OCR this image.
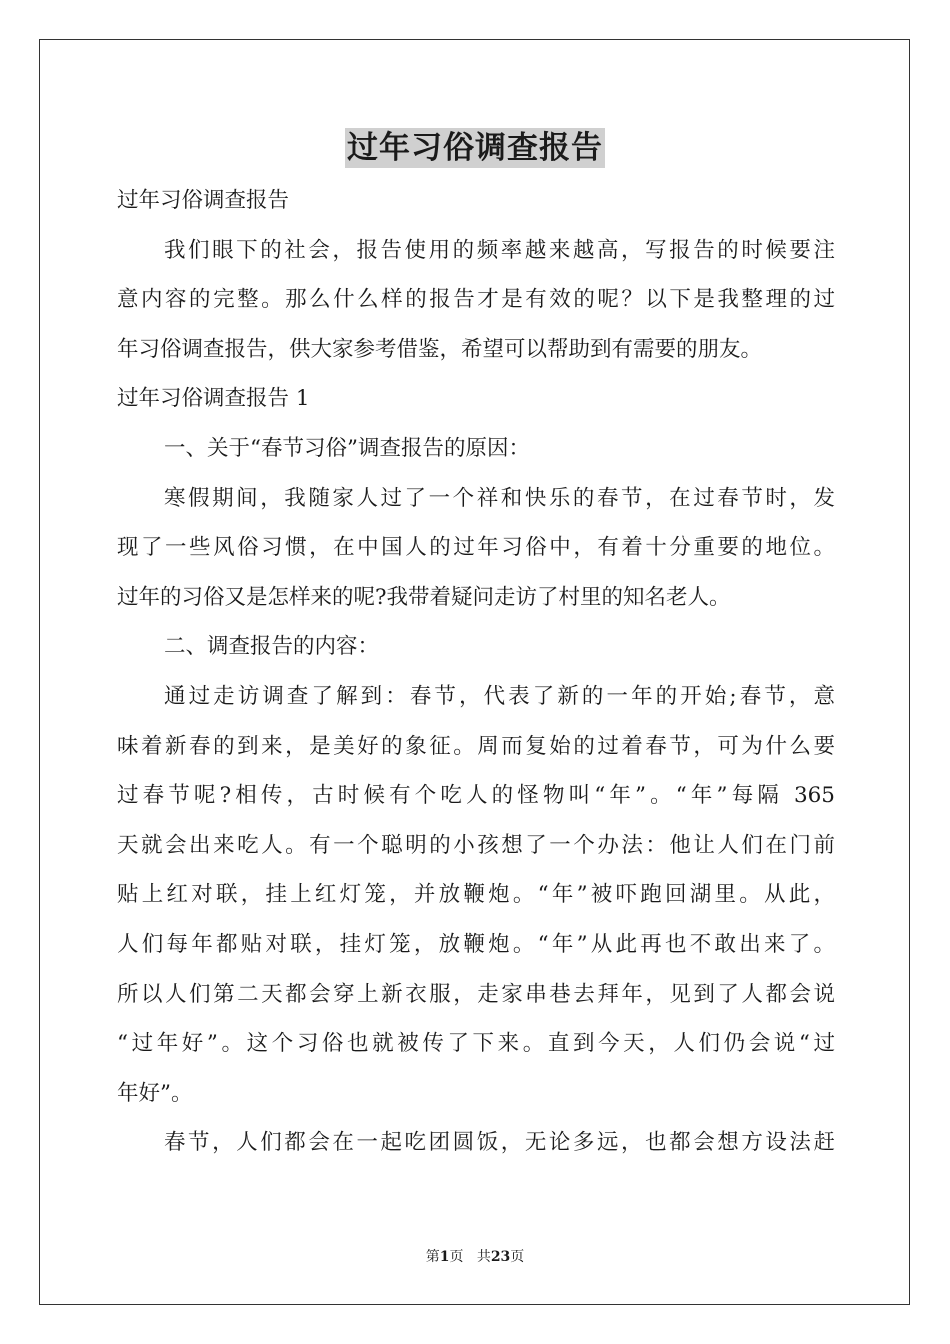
过年习俗调查报告
过年习俗调查报告
我们眼下的社会，报告使用的频率越来越高，写报告的时候要注
意内容的完整。那么什么样的报告才是有效的呢？以下是我整理的过
年习俗调查报告，供大家参考借鉴，希望可以帮助到有需要的朋友。
过年习俗调查报告 1
一、关于“春节习俗”调查报告的原因：
寒假期间，我随家人过了一个祥和快乐的春节，在过春节时，发
现了一些风俗习惯，在中国人的过年习俗中，有着十分重要的地位。
过年的习俗又是怎样来的呢?我带着疑问走访了村里的知名老人。
二、调查报告的内容：
通过走访调查了解到：春节，代表了新的一年的开始;春节，意
味着新春的到来，是美好的象征。周而复始的过着春节，可为什么要
过春节呢?相传，古时候有个吃人的怪物叫“年”。“年”每隔 365
天就会出来吃人。有一个聪明的小孩想了一个办法：他让人们在门前
贴上红对联，挂上红灯笼，并放鞭炮。“年”被吓跑回湖里。从此，
人们每年都贴对联，挂灯笼，放鞭炮。“年”从此再也不敢出来了。
所以人们第二天都会穿上新衣服，走家串巷去拜年，见到了人都会说
“过年好”。这个习俗也就被传了下来。直到今天，人们仍会说“过
年好”。
春节，人们都会在一起吃团圆饭，无论多远，也都会想方设法赶
第1页 共23页
